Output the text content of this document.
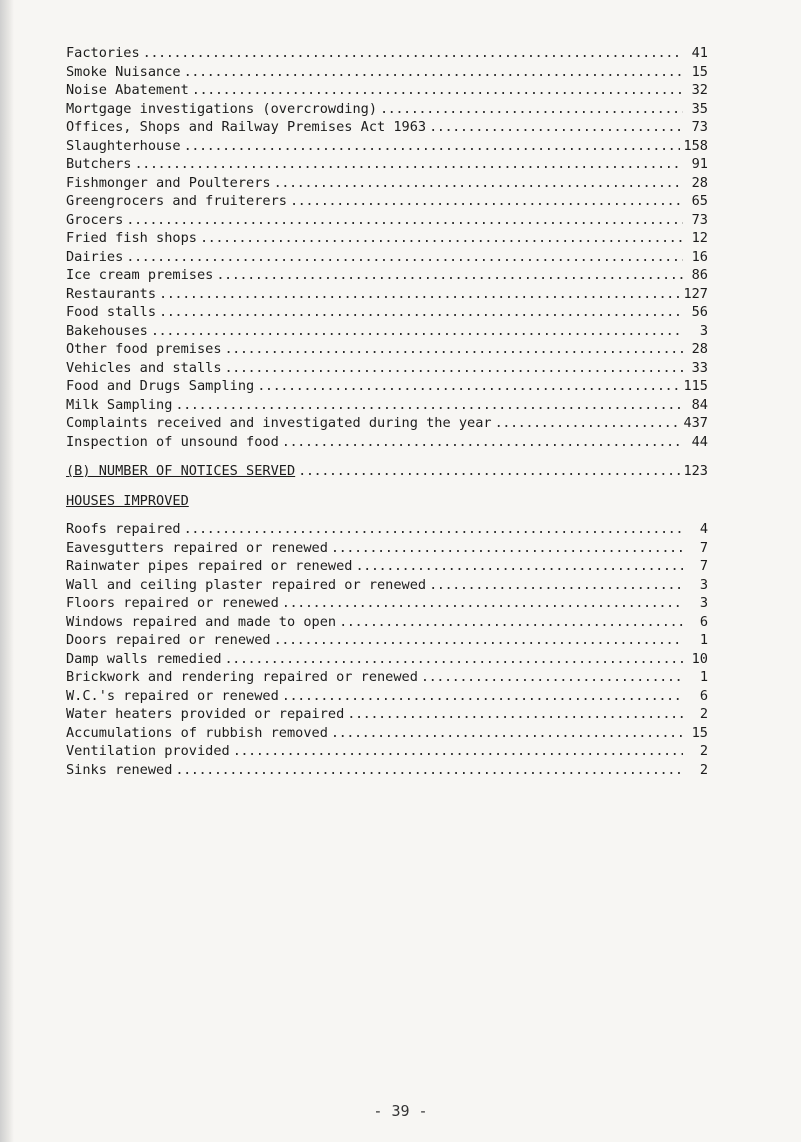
Factories .....	41
Smoke Nuisance .....	15
Noise Abatement .....	32
Mortgage investigations (overcrowding) .....	35
Offices, Shops and Railway Premises Act 1963 .....	73
Slaughterhouse .....	158
Butchers .....	91
Fishmonger and Poulterers .....	28
Greengrocers and fruiterers .....	65
Grocers .....	73
Fried fish shops .....	12
Dairies .....	16
Ice cream premises .....	86
Restaurants .....	127
Food stalls .....	56
Bakehouses .....	3
Other food premises .....	28
Vehicles and stalls .....	33
Food and Drugs Sampling .....	115
Milk Sampling .....	84
Complaints received and investigated during the year .....	437
Inspection of unsound food .....	44
(B) NUMBER OF NOTICES SERVED .....	123
HOUSES IMPROVED
Roofs repaired .....	4
Eavesgutters repaired or renewed .....	7
Rainwater pipes repaired or renewed .....	7
Wall and ceiling plaster repaired or renewed .....	3
Floors repaired or renewed .....	3
Windows repaired and made to open .....	6
Doors repaired or renewed .....	1
Damp walls remedied .....	10
Brickwork and rendering repaired or renewed .....	1
W.C.'s repaired or renewed .....	6
Water heaters provided or repaired .....	2
Accumulations of rubbish removed .....	15
Ventilation provided .....	2
Sinks renewed .....	2
- 39 -
